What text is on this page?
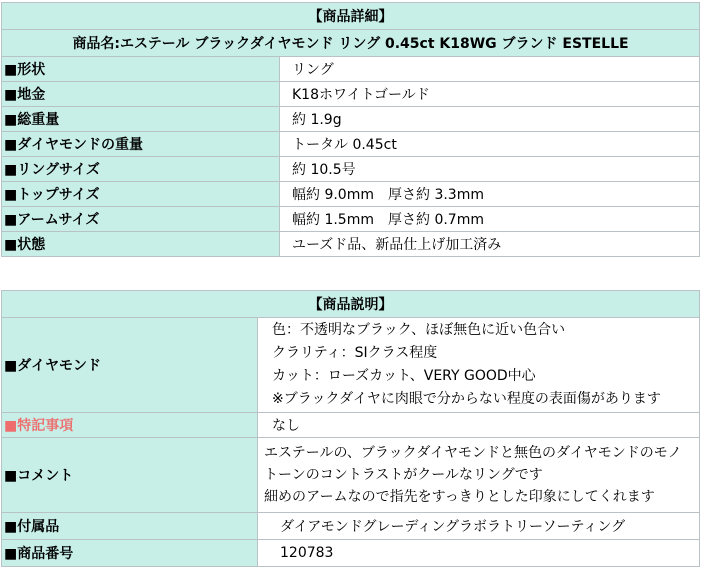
【商品詳細】	
商品名:エステール ブラックダイヤモンド リング 0.45ct K18WG ブランド ESTELLE	
■形状	リング
■地金	K18ホワイトゴールド
■総重量	約 1.9g
■ダイヤモンドの重量	トータル 0.45ct
■リングサイズ	約 10.5号
■トップサイズ	幅約 9.0mm　厚さ約 3.3mm
■アームサイズ	幅約 1.5mm　厚さ約 0.7mm
■状態	ユーズド品、新品仕上げ加工済み
【商品説明】	
■ダイヤモンド	色：不透明なブラック、ほぼ無色に近い色合い
クラリティ：SIクラス程度
カット：ローズカット、VERY GOOD中心
※ブラックダイヤに肉眼で分からない程度の表面傷があります

■特記事項	なし
■コメント	エステールの、ブラックダイヤモンドと無色のダイヤモンドのモノ
トーンのコントラストがクールなリングです
細めのアームなので指先をすっきりとした印象にしてくれます

■付属品	ダイアモンドグレーディングラボラトリーソーティング
■商品番号	120783
